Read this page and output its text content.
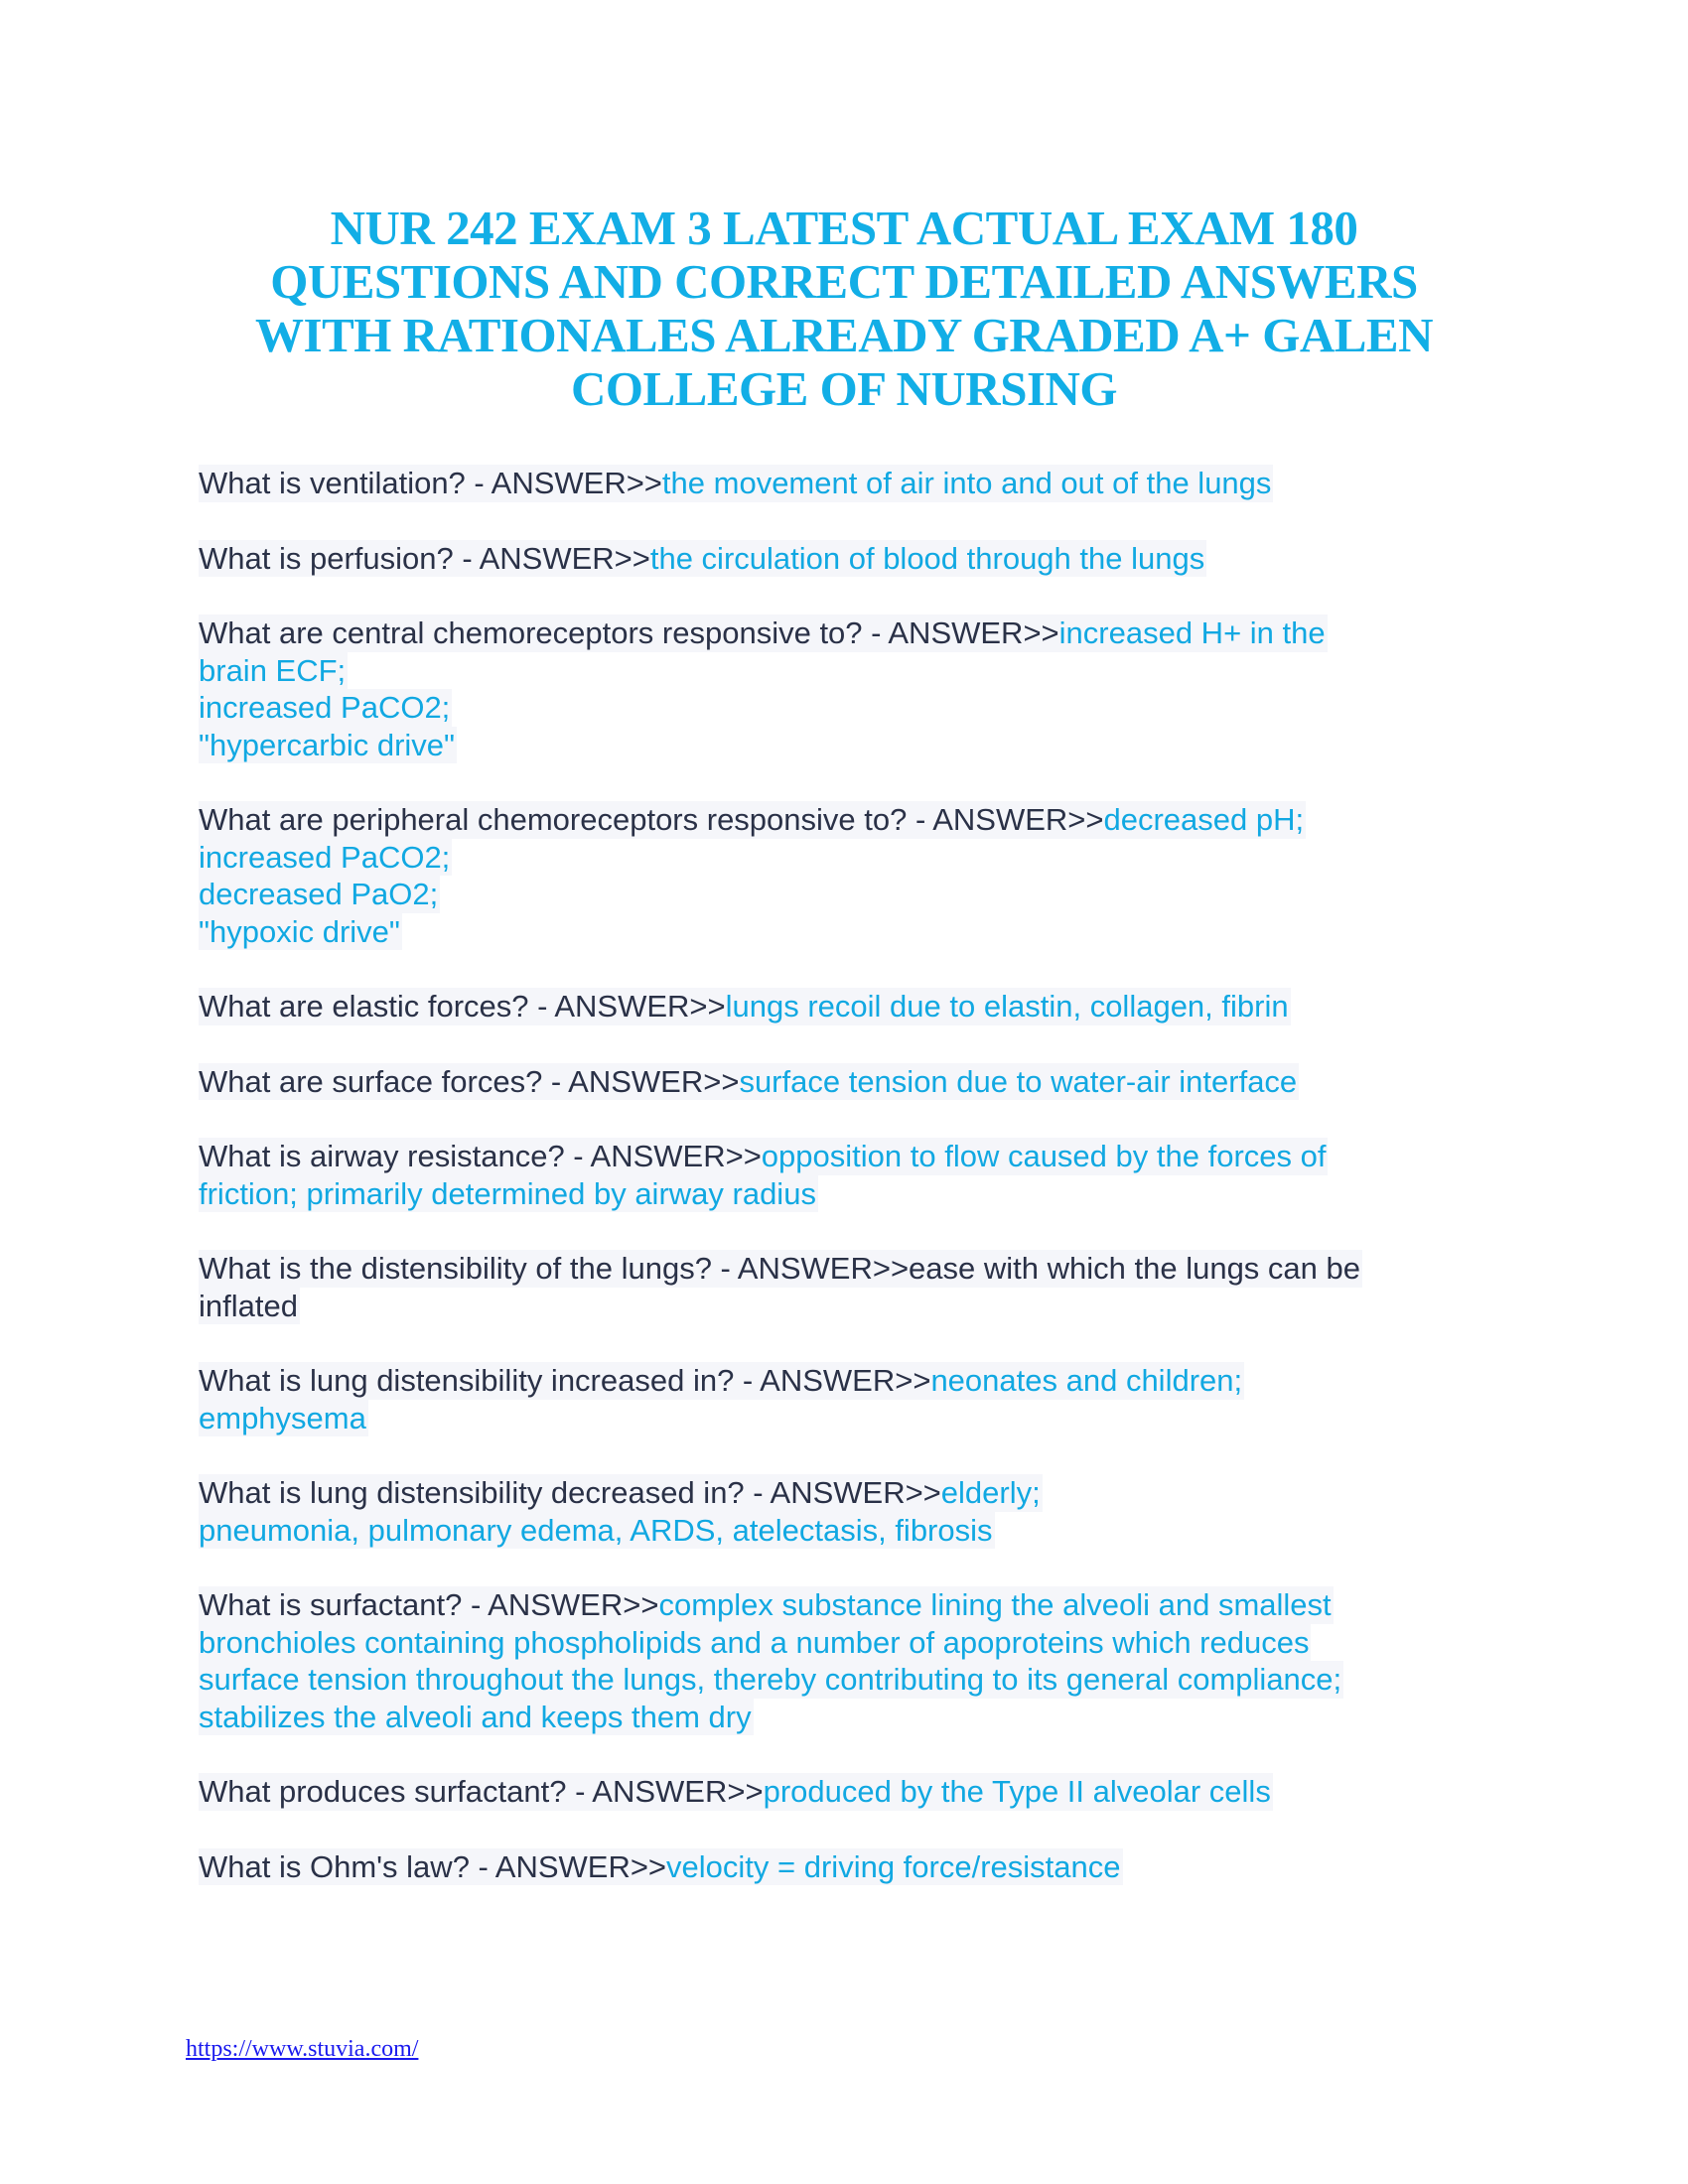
NUR 242 EXAM 3 LATEST ACTUAL EXAM 180
QUESTIONS AND CORRECT DETAILED ANSWERS
WITH RATIONALES ALREADY GRADED A+ GALEN
COLLEGE OF NURSING
What is ventilation? - ANSWER>>the movement of air into and out of the lungs
What is perfusion? - ANSWER>>the circulation of blood through the lungs
What are central chemoreceptors responsive to? - ANSWER>>increased H+ in the
brain ECF;
increased PaCO2;
"hypercarbic drive"
What are peripheral chemoreceptors responsive to? - ANSWER>>decreased pH;
increased PaCO2;
decreased PaO2;
"hypoxic drive"
What are elastic forces? - ANSWER>>lungs recoil due to elastin, collagen, fibrin
What are surface forces? - ANSWER>>surface tension due to water-air interface
What is airway resistance? - ANSWER>>opposition to flow caused by the forces of
friction; primarily determined by airway radius
What is the distensibility of the lungs? - ANSWER>>ease with which the lungs can be
inflated
What is lung distensibility increased in? - ANSWER>>neonates and children;
emphysema
What is lung distensibility decreased in? - ANSWER>>elderly;
pneumonia, pulmonary edema, ARDS, atelectasis, fibrosis
What is surfactant? - ANSWER>>complex substance lining the alveoli and smallest
bronchioles containing phospholipids and a number of apoproteins which reduces
surface tension throughout the lungs, thereby contributing to its general compliance;
stabilizes the alveoli and keeps them dry
What produces surfactant? - ANSWER>>produced by the Type II alveolar cells
What is Ohm's law? - ANSWER>>velocity = driving force/resistance
https://www.stuvia.com/
